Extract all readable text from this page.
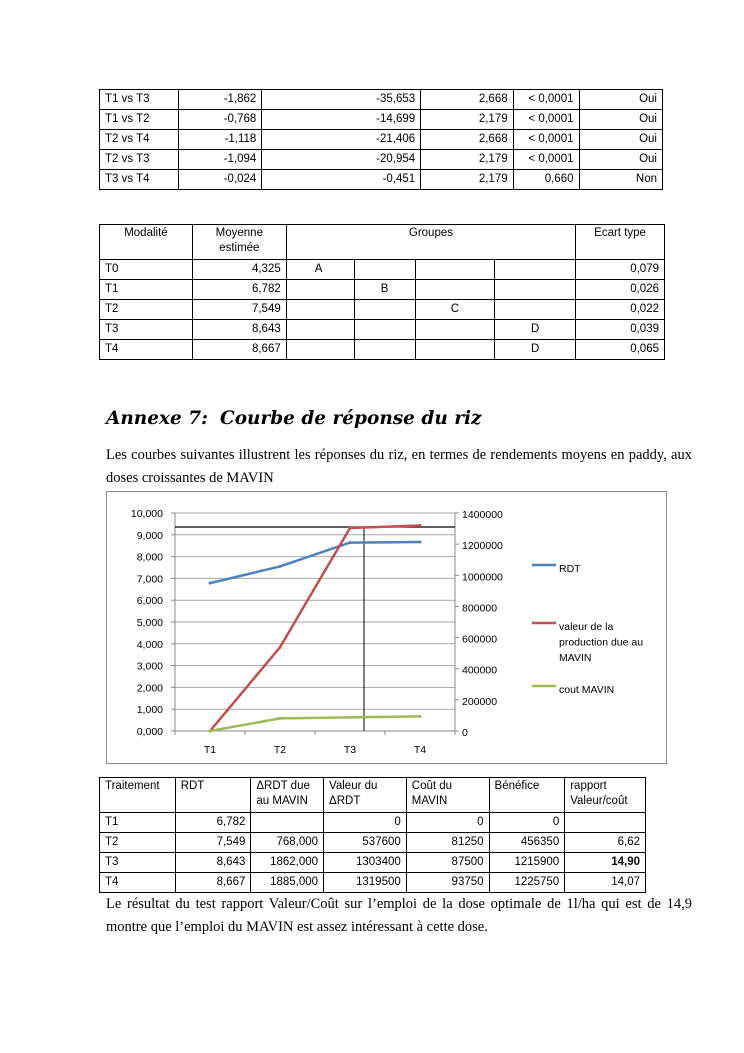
T1 vs T3	-1,862	-35,653	2,668	< 0,0001	Oui
T1 vs T2	-0,768	-14,699	2,179	< 0,0001	Oui
T2 vs T4	-1,118	-21,406	2,668	< 0,0001	Oui
T2 vs T3	-1,094	-20,954	2,179	< 0,0001	Oui
T3 vs T4	-0,024	-0,451	2,179	0,660	Non
Modalité	Moyenne estimée	Groupes				Ecart type
T0	4,325	A				0,079
T1	6,782		B			0,026
T2	7,549			C		0,022
T3	8,643				D	0,039
T4	8,667				D	0,065
Annexe 7: Courbe de réponse du riz
Les courbes suivantes illustrent les réponses du riz, en termes de rendements moyens en paddy, aux doses croissantes de MAVIN
0,000
1,000
2,000
3,000
4,000
5,000
6,000
7,000
8,000
9,000
10,000
0
200000
400000
600000
800000
1000000
1200000
1400000
T1	T2	T3	T4
RDT
valeur de la production due au MAVIN
cout MAVIN
Traitement	RDT	ΔRDT due au MAVIN	Valeur du ΔRDT	Coût du MAVIN	Bénéfice	rapport Valeur/coût
T1	6,782		0	0	0	
T2	7,549	768,000	537600	81250	456350	6,62
T3	8,643	1862,000	1303400	87500	1215900	14,90
T4	8,667	1885,000	1319500	93750	1225750	14,07
Le résultat du test rapport Valeur/Coût sur l’emploi de la dose optimale de 1l/ha qui est de 14,9 montre que l’emploi du MAVIN est assez intéressant à cette dose.
